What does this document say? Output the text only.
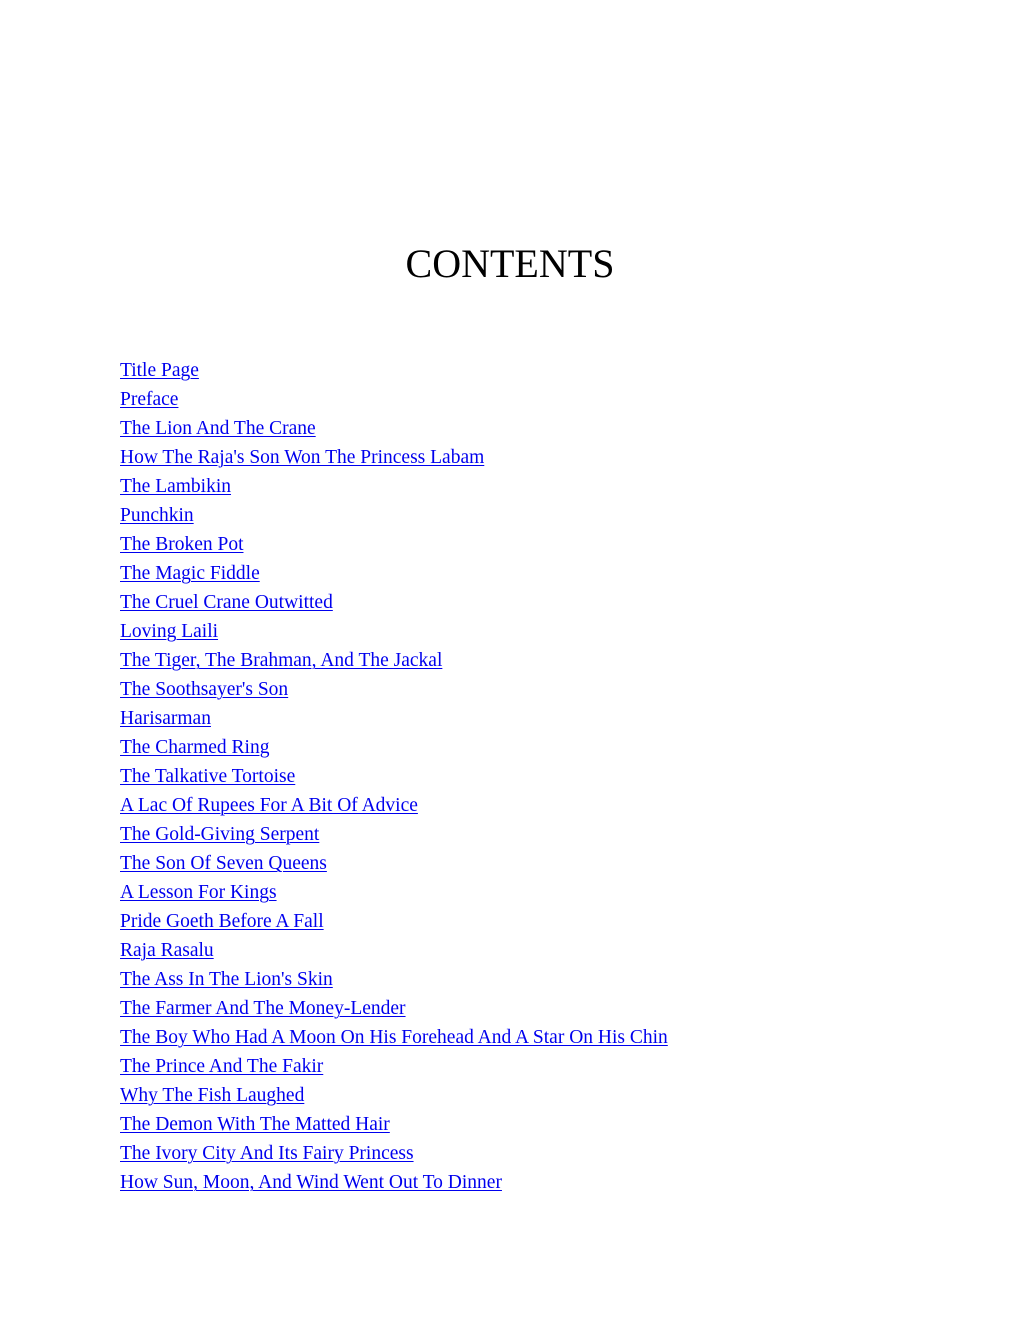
CONTENTS
Title Page
Preface
The Lion And The Crane
How The Raja's Son Won The Princess Labam
The Lambikin
Punchkin
The Broken Pot
The Magic Fiddle
The Cruel Crane Outwitted
Loving Laili
The Tiger, The Brahman, And The Jackal
The Soothsayer's Son
Harisarman
The Charmed Ring
The Talkative Tortoise
A Lac Of Rupees For A Bit Of Advice
The Gold-Giving Serpent
The Son Of Seven Queens
A Lesson For Kings
Pride Goeth Before A Fall
Raja Rasalu
The Ass In The Lion's Skin
The Farmer And The Money-Lender
The Boy Who Had A Moon On His Forehead And A Star On His Chin
The Prince And The Fakir
Why The Fish Laughed
The Demon With The Matted Hair
The Ivory City And Its Fairy Princess
How Sun, Moon, And Wind Went Out To Dinner
